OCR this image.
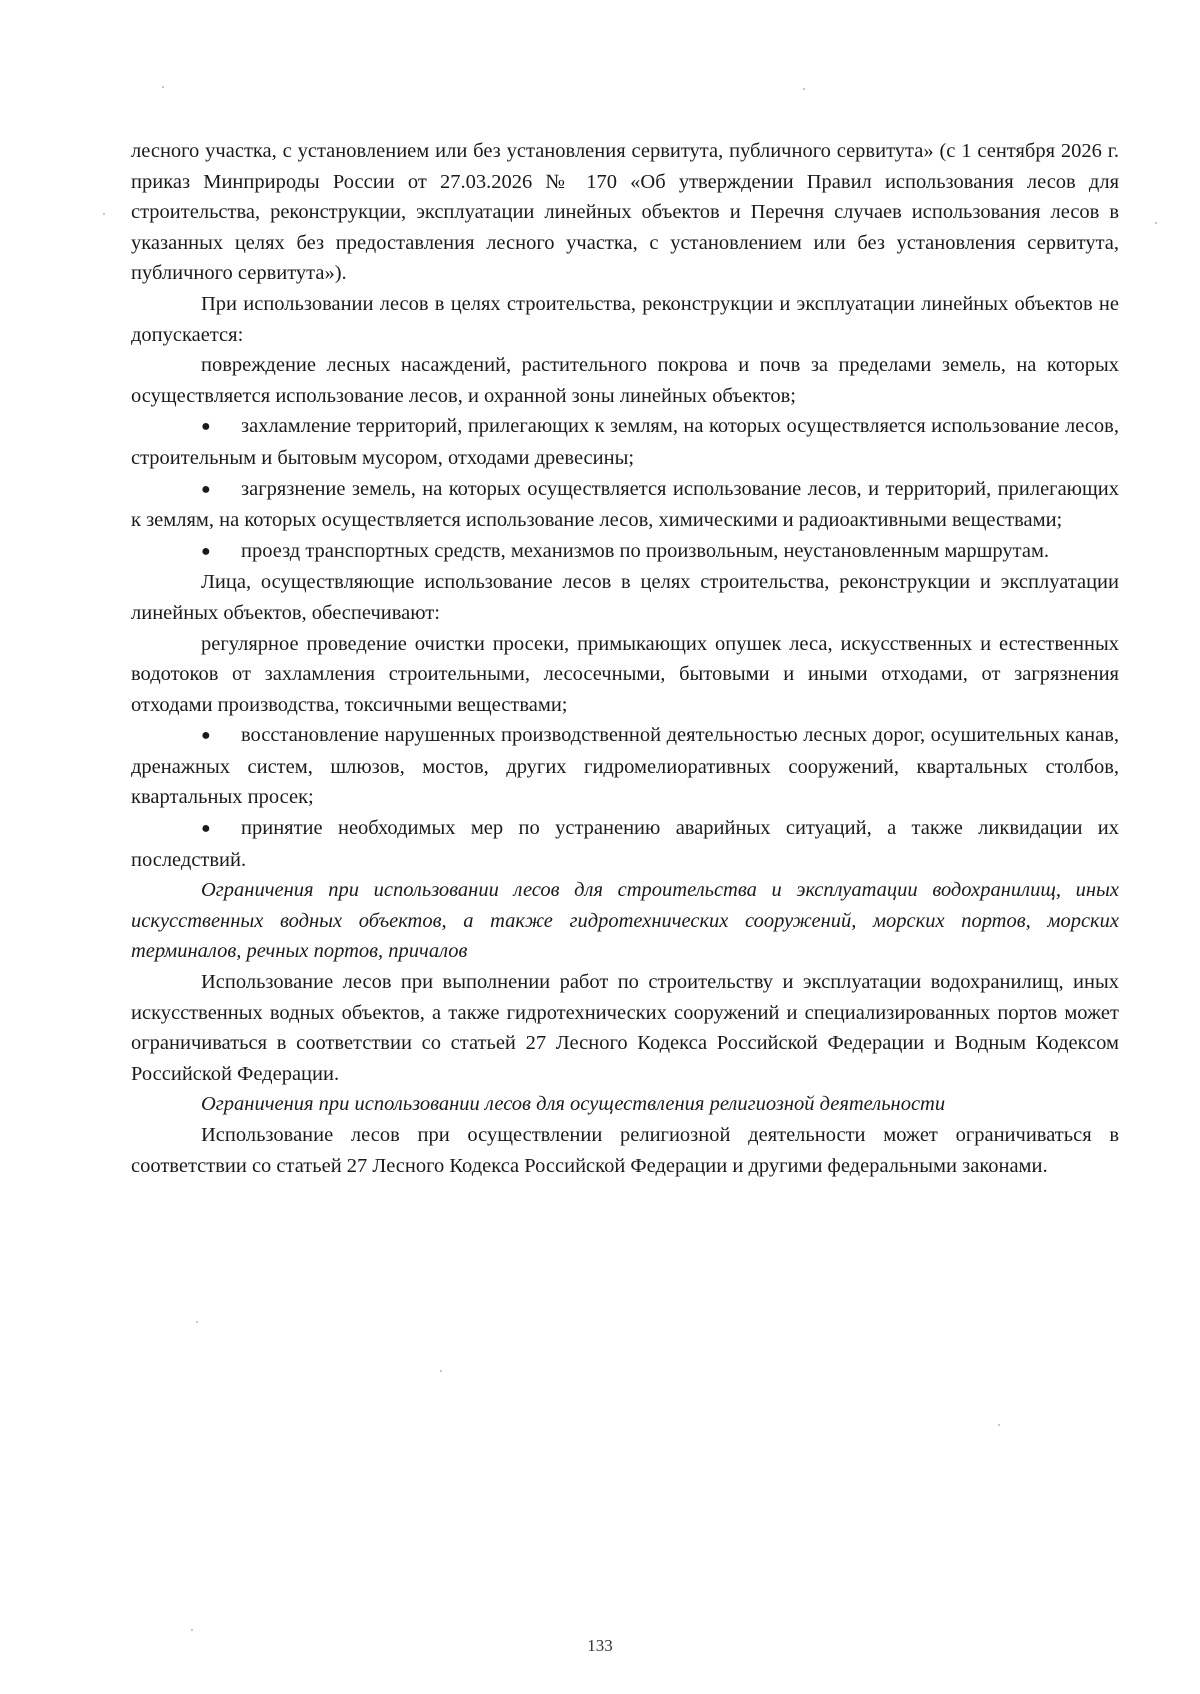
лесного участка, с установлением или без установления сервитута, публичного сервитута» (с 1 сентября 2026 г. приказ Минприроды России от 27.03.2026 № 170 «Об утверждении Правил использования лесов для строительства, реконструкции, эксплуатации линейных объектов и Перечня случаев использования лесов в указанных целях без предоставления лесного участка, с установлением или без установления сервитута, публичного сервитута»).

При использовании лесов в целях строительства, реконструкции и эксплуатации линейных объектов не допускается:

повреждение лесных насаждений, растительного покрова и почв за пределами земель, на которых осуществляется использование лесов, и охранной зоны линейных объектов;

● захламление территорий, прилегающих к землям, на которых осуществляется использование лесов, строительным и бытовым мусором, отходами древесины;

● загрязнение земель, на которых осуществляется использование лесов, и территорий, прилегающих к землям, на которых осуществляется использование лесов, химическими и радиоактивными веществами;

● проезд транспортных средств, механизмов по произвольным, неустановленным маршрутам.

Лица, осуществляющие использование лесов в целях строительства, реконструкции и эксплуатации линейных объектов, обеспечивают:

регулярное проведение очистки просеки, примыкающих опушек леса, искусственных и естественных водотоков от захламления строительными, лесосечными, бытовыми и иными отходами, от загрязнения отходами производства, токсичными веществами;

● восстановление нарушенных производственной деятельностью лесных дорог, осушительных канав, дренажных систем, шлюзов, мостов, других гидромелиоративных сооружений, квартальных столбов, квартальных просек;

● принятие необходимых мер по устранению аварийных ситуаций, а также ликвидации их последствий.

Ограничения при использовании лесов для строительства и эксплуатации водохранилищ, иных искусственных водных объектов, а также гидротехнических сооружений, морских портов, морских терминалов, речных портов, причалов

Использование лесов при выполнении работ по строительству и эксплуатации водохранилищ, иных искусственных водных объектов, а также гидротехнических сооружений и специализированных портов может ограничиваться в соответствии со статьей 27 Лесного Кодекса Российской Федерации и Водным Кодексом Российской Федерации.

Ограничения при использовании лесов для осуществления религиозной деятельности

Использование лесов при осуществлении религиозной деятельности может ограничиваться в соответствии со статьей 27 Лесного Кодекса Российской Федерации и другими федеральными законами.

133
